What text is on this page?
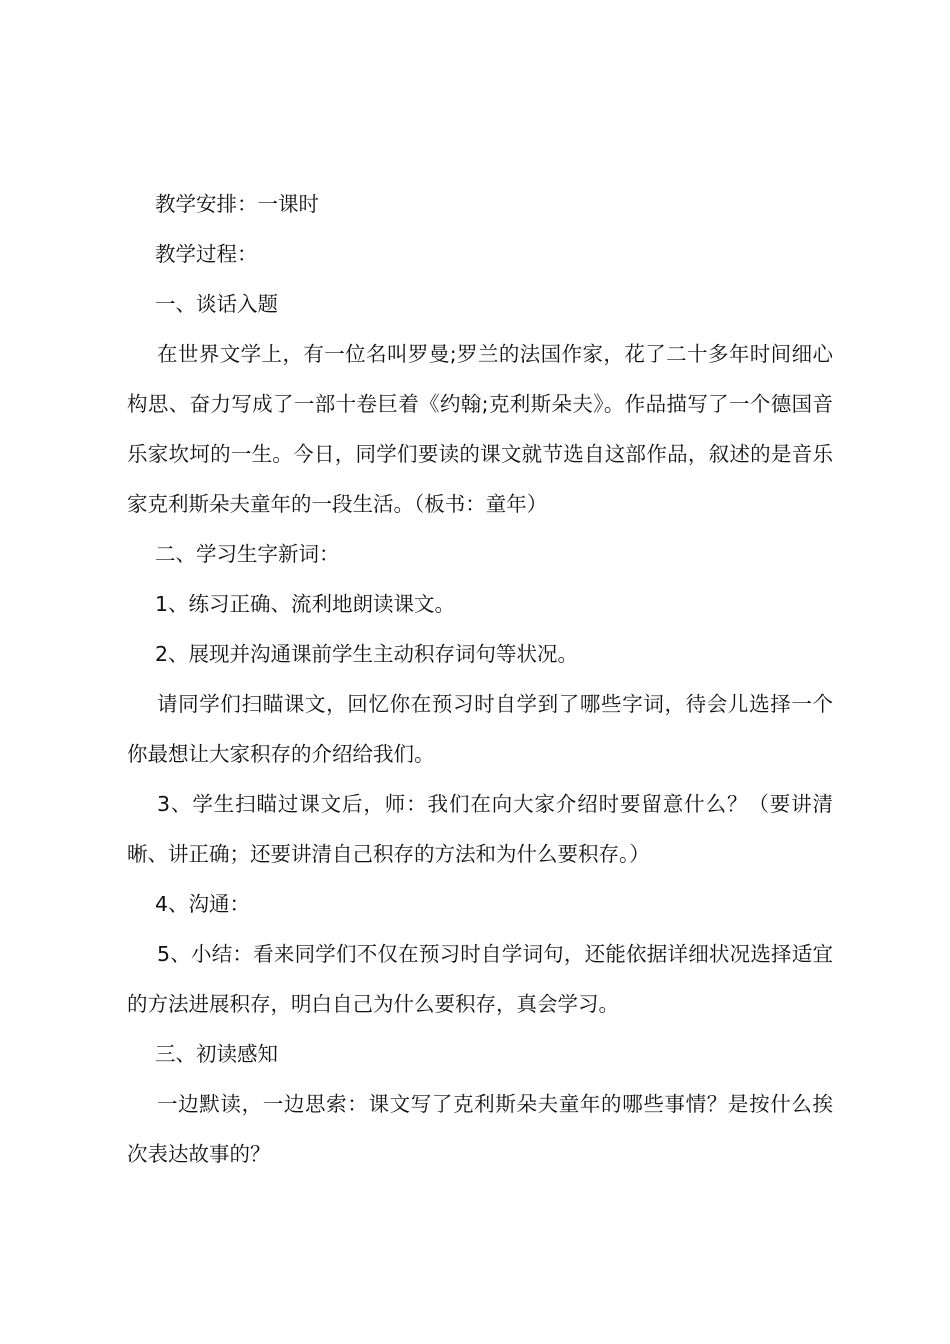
教学安排：一课时

教学过程：

一、谈话入题

在世界文学上，有一位名叫罗曼;罗兰的法国作家，花了二十多年时间细心构思、奋力写成了一部十卷巨着《约翰;克利斯朵夫》。作品描写了一个德国音乐家坎坷的一生。今日，同学们要读的课文就节选自这部作品，叙述的是音乐家克利斯朵夫童年的一段生活。（板书：童年）

二、学习生字新词：

1、练习正确、流利地朗读课文。

2、展现并沟通课前学生主动积存词句等状况。

请同学们扫瞄课文，回忆你在预习时自学到了哪些字词，待会儿选择一个你最想让大家积存的介绍给我们。

3、学生扫瞄过课文后，师：我们在向大家介绍时要留意什么？（要讲清晰、讲正确；还要讲清自己积存的方法和为什么要积存。）

4、沟通：

5、小结：看来同学们不仅在预习时自学词句，还能依据详细状况选择适宜的方法进展积存，明白自己为什么要积存，真会学习。

三、初读感知

一边默读，一边思索：课文写了克利斯朵夫童年的哪些事情？是按什么挨次表达故事的？
